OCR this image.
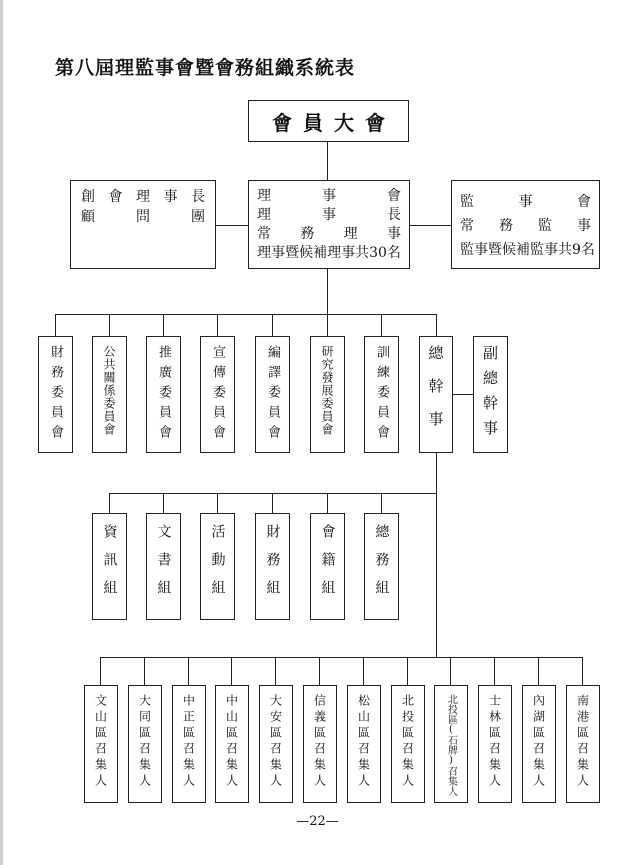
第八屆理監事會暨會務組織系統表
會員大會
創 會 理 事 長
顧	問	團
理	事	會
理	事	長
常 務 理 事
理事暨候補理事共30名
監	事	會
常 務 監 事
監事暨候補監事共9名
財務委員會	公共關係委員會	推廣委員會	宣傳委員會	編譯委員會	研究發展委員會	訓練委員會	總幹事 副總幹事
資訊組	文書組	活動組	財務組	會籍組	總務組
文山區召集人	大同區召集人	中正區召集人 中山區召集人	大安區召集人	信義區召集人	松山區召集人	北投區召集人	北投區(石牌)召集人	士林區召集人	內湖區召集人	南港區召集人
—22—
